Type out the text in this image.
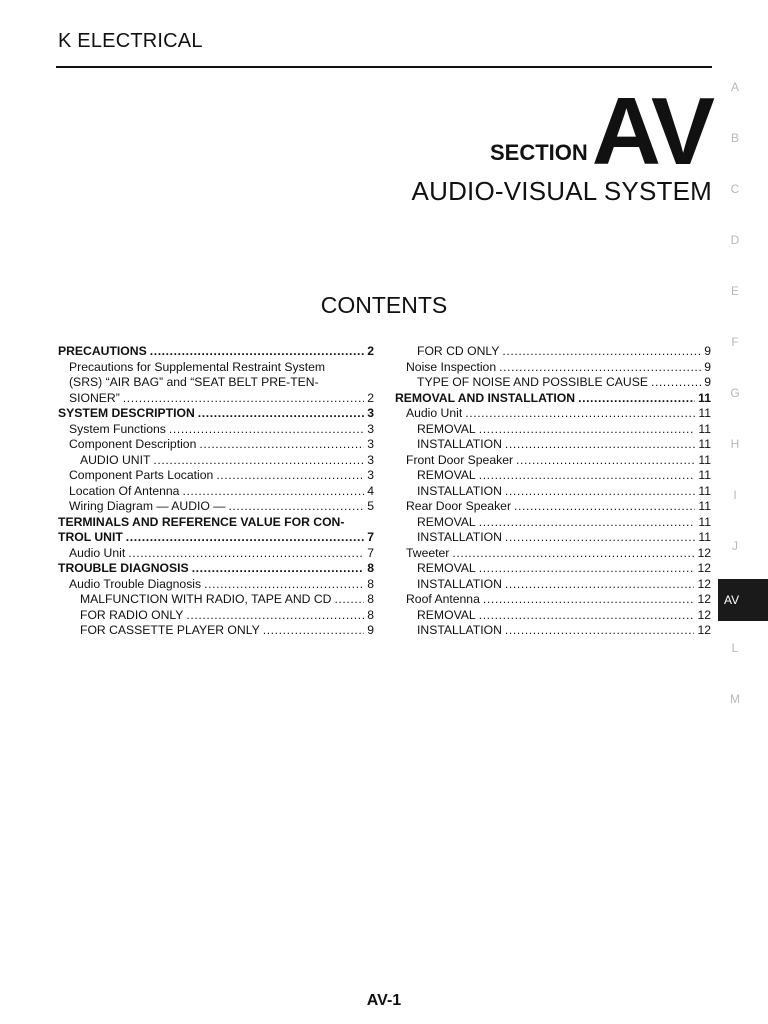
K ELECTRICAL
SECTION AV
AUDIO-VISUAL SYSTEM
CONTENTS
PRECAUTIONS .....	2
Precautions for Supplemental Restraint System
(SRS) “AIR BAG” and “SEAT BELT PRE-TEN-
SIONER” .....	2
SYSTEM DESCRIPTION .....	3
System Functions .....	3
Component Description .....	3
AUDIO UNIT .....	3
Component Parts Location .....	3
Location Of Antenna .....	4
Wiring Diagram — AUDIO — .....	5
TERMINALS AND REFERENCE VALUE FOR CON-
TROL UNIT .....	7
Audio Unit .....	7
TROUBLE DIAGNOSIS .....	8
Audio Trouble Diagnosis .....	8
MALFUNCTION WITH RADIO, TAPE AND CD .....	8
FOR RADIO ONLY .....	8
FOR CASSETTE PLAYER ONLY .....	9
FOR CD ONLY .....	9
Noise Inspection .....	9
TYPE OF NOISE AND POSSIBLE CAUSE .....	9
REMOVAL AND INSTALLATION .....	11
Audio Unit .....	11
REMOVAL .....	11
INSTALLATION .....	11
Front Door Speaker .....	11
REMOVAL .....	11
INSTALLATION .....	11
Rear Door Speaker .....	11
REMOVAL .....	11
INSTALLATION .....	11
Tweeter .....	12
REMOVAL .....	12
INSTALLATION .....	12
Roof Antenna .....	12
REMOVAL .....	12
INSTALLATION .....	12
A
B
C
D
E
F
G
H
I
J
AV
L
M
AV-1
